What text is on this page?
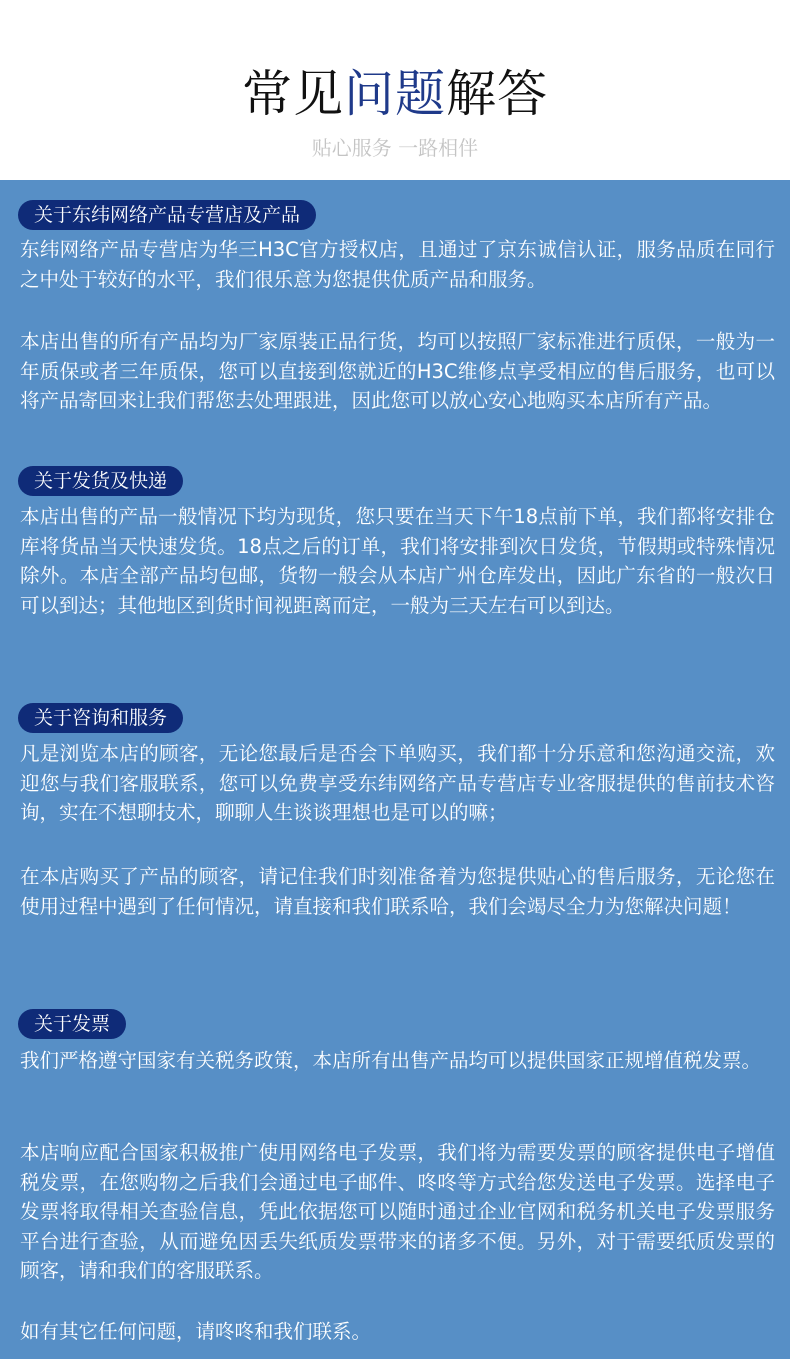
常见问题解答
贴心服务 一路相伴
关于东纬网络产品专营店及产品
东纬网络产品专营店为华三H3C官方授权店，且通过了京东诚信认证，服务品质在同行之中处于较好的水平，我们很乐意为您提供优质产品和服务。
本店出售的所有产品均为厂家原装正品行货，均可以按照厂家标准进行质保，一般为一年质保或者三年质保，您可以直接到您就近的H3C维修点享受相应的售后服务，也可以将产品寄回来让我们帮您去处理跟进，因此您可以放心安心地购买本店所有产品。
关于发货及快递
本店出售的产品一般情况下均为现货，您只要在当天下午18点前下单，我们都将安排仓库将货品当天快速发货。18点之后的订单，我们将安排到次日发货，节假期或特殊情况除外。本店全部产品均包邮，货物一般会从本店广州仓库发出，因此广东省的一般次日可以到达；其他地区到货时间视距离而定，一般为三天左右可以到达。
关于咨询和服务
凡是浏览本店的顾客，无论您最后是否会下单购买，我们都十分乐意和您沟通交流，欢迎您与我们客服联系，您可以免费享受东纬网络产品专营店专业客服提供的售前技术咨询，实在不想聊技术，聊聊人生谈谈理想也是可以的嘛；
在本店购买了产品的顾客，请记住我们时刻准备着为您提供贴心的售后服务，无论您在使用过程中遇到了任何情况，请直接和我们联系哈，我们会竭尽全力为您解决问题！
关于发票
我们严格遵守国家有关税务政策，本店所有出售产品均可以提供国家正规增值税发票。
本店响应配合国家积极推广使用网络电子发票，我们将为需要发票的顾客提供电子增值税发票，在您购物之后我们会通过电子邮件、咚咚等方式给您发送电子发票。选择电子发票将取得相关查验信息，凭此依据您可以随时通过企业官网和税务机关电子发票服务平台进行查验，从而避免因丢失纸质发票带来的诸多不便。另外，对于需要纸质发票的顾客，请和我们的客服联系。
如有其它任何问题，请咚咚和我们联系。
